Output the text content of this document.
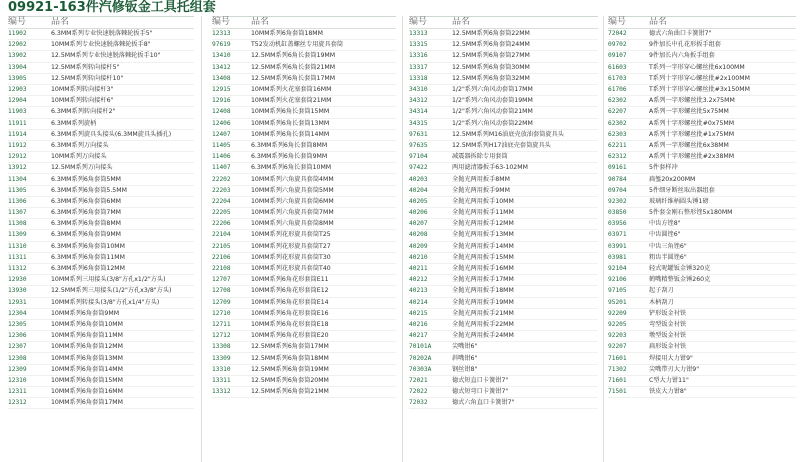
09921-163件汽修钣金工具托组套
编号	品名
11902	6.3MM系列专业快速脱落棘轮扳手5"
12902	10MM系列专业快速脱落棘轮扳手8"
13902	12.5MM系列专业快速脱落棘轮扳手10"
13904	12.5MM系列转向接杆5"
13905	12.5MM系列转向接杆10"
12903	10MM系列转向接杆3"
12904	10MM系列转向接杆6"
11903	6.3MM系列转向接杆2"
11911	6.3MM系列旋柄
11914	6.3MM系列旋具头接头(6.3MM旋具头插孔)
11912	6.3MM系列万向接头
12912	10MM系列万向接头
13912	12.5MM系列万向接头
11304	6.3MM系列6角套筒5MM
11305	6.3MM系列6角套筒5.5MM
11306	6.3MM系列6角套筒6MM
11307	6.3MM系列6角套筒7MM
11308	6.3MM系列6角套筒8MM
11309	6.3MM系列6角套筒9MM
11310	6.3MM系列6角套筒10MM
11311	6.3MM系列6角套筒11MM
11312	6.3MM系列6角套筒12MM
12930	10MM系列三用接头(3/8"方孔x1/2"方头)
13930	12.5MM系列三用接头(1/2"方孔x3/8"方头)
12931	10MM系列转接头(3/8"方孔x1/4"方头)
12304	10MM系列6角套筒9MM
12305	10MM系列6角套筒10MM
12306	10MM系列6角套筒11MM
12307	10MM系列6角套筒12MM
12308	10MM系列6角套筒13MM
12309	10MM系列6角套筒14MM
12310	10MM系列6角套筒15MM
12311	10MM系列6角套筒16MM
12312	10MM系列6角套筒17MM
编号	品名
12313	10MM系列6角套筒18MM
97619	T52发动机缸盖螺丝专用旋具套筒
13410	12.5MM系列6角长套筒19MM
13412	12.5MM系列6角长套筒21MM
13408	12.5MM系列6角长套筒17MM
12915	10MM系列火花塞套筒16MM
12916	10MM系列火花塞套筒21MM
12408	10MM系列6角长套筒15MM
12406	10MM系列6角长套筒13MM
12407	10MM系列6角长套筒14MM
11405	6.3MM系列6角长套筒8MM
11406	6.3MM系列6角长套筒9MM
11407	6.3MM系列6角长套筒10MM
22202	10MM系列六角旋具套筒4MM
22203	10MM系列六角旋具套筒5MM
22204	10MM系列六角旋具套筒6MM
22205	10MM系列六角旋具套筒7MM
22206	10MM系列六角旋具套筒8MM
22104	10MM系列花形旋具套筒T25
22105	10MM系列花形旋具套筒T27
22106	10MM系列花形旋具套筒T30
22108	10MM系列花形旋具套筒T40
12707	10MM系列6角花形套筒E11
12708	10MM系列6角花形套筒E12
12709	10MM系列6角花形套筒E14
12710	10MM系列6角花形套筒E16
12711	10MM系列6角花形套筒E18
12712	10MM系列6角花形套筒E20
13308	12.5MM系列6角套筒17MM
13309	12.5MM系列6角套筒18MM
13310	12.5MM系列6角套筒19MM
13311	12.5MM系列6角套筒20MM
13312	12.5MM系列6角套筒21MM
编号	品名
13313	12.5MM系列6角套筒22MM
13315	12.5MM系列6角套筒24MM
13316	12.5MM系列6角套筒27MM
13317	12.5MM系列6角套筒30MM
13318	12.5MM系列6角套筒32MM
34310	1/2"系列六角风动套筒17MM
34312	1/2"系列六角风动套筒19MM
34314	1/2"系列六角风动套筒21MM
34315	1/2"系列六角风动套筒22MM
97631	12.5MM系列M16油底壳放油套筒旋具头
97635	12.5MM系列H17油底壳套筒旋具头
97104	减震器拆除专用套筒
97422	两用滤清器扳手63-102MM
40203	全抛光两用扳手8MM
40204	全抛光两用扳手9MM
40205	全抛光两用扳手10MM
40206	全抛光两用扳手11MM
40207	全抛光两用扳手12MM
40208	全抛光两用扳手13MM
40209	全抛光两用扳手14MM
40210	全抛光两用扳手15MM
40211	全抛光两用扳手16MM
40212	全抛光两用扳手17MM
40213	全抛光两用扳手18MM
40214	全抛光两用扳手19MM
40215	全抛光两用扳手21MM
40216	全抛光两用扳手22MM
40217	全抛光两用扳手24MM
70101A	尖嘴钳6"
70202A	斜嘴钳6"
70303A	钢丝钳8"
72021	德式短直口卡簧钳7"
72022	德式短弯口卡簧钳7"
72032	德式六角直口卡簧钳7"
编号	品名
72042	德式六角曲口卡簧钳7"
09702	9件加长中孔花形扳手组套
09107	9件加长内六角扳手组套
61603	T系列一字形穿心螺丝批6x100MM
61703	T系列十字形穿心螺丝批#2x100MM
61706	T系列十字形穿心螺丝批#3x150MM
62302	A系列一字形螺丝批3.2x75MM
62207	A系列一字形螺丝批5x75MM
62302	A系列十字形螺丝批#0x75MM
62303	A系列十字形螺丝批#1x75MM
62211	A系列一字形螺丝批6x38MM
62312	A系列十字形螺丝批#2x38MM
09161	5件套样冲
90784	扁錾20x200MM
09704	5件细牙断丝取出器组套
92302	玻璃纤维柄圆头锤1磅
03850	5件套金刚石整形锉5x180MM
03956	中齿方锉8"
03971	中齿圆锉6"
03991	中齿三角锉6"
03981	粗齿半圆锉6"
92104	轻式呢罐钣金锤320克
92106	鹤嘴精整钣金锤260克
97105	起子刮刀
95201	木柄刮刀
92209	铲形钣金衬铁
92205	弯型钣金衬铁
92203	墩型钣金衬铁
92207	扁形钣金衬铁
71601	焊接用大力钳9"
71302	尖嘴带刃大力钳9"
71601	C型大力钳11"
71501	铁皮大力钳8"
